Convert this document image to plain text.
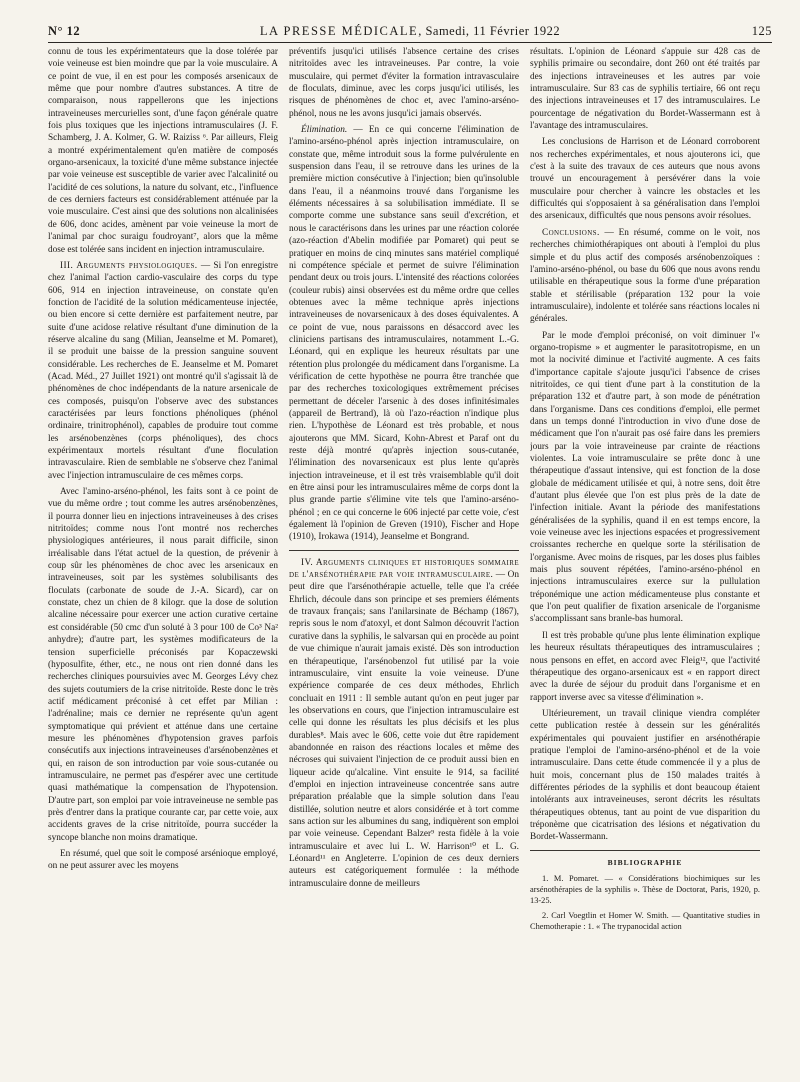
N° 12	LA PRESSE MÉDICALE, Samedi, 11 Février 1922	125

connu de tous les expérimentateurs que la dose tolérée par voie veineuse est bien moindre que par la voie musculaire. A ce point de vue, il en est pour les composés arsenicaux de même que pour nombre d'autres substances. A titre de comparaison, nous rappellerons que les injections intraveineuses mercurielles sont, d'une façon générale quatre fois plus toxiques que les injections intramusculaires (J. F. Schamberg, J. A. Kolmer, G. W. Raiziss ⁶. Par ailleurs, Fleig a montré expérimentalement qu'en matière de composés organo-arsenicaux, la toxicité d'une même substance injectée par voie veineuse est susceptible de varier avec l'alcalinité ou l'acidité de ces solutions, la nature du solvant, etc., l'influence de ces derniers facteurs est considérablement atténuée par la voie musculaire. C'est ainsi que des solutions non alcalinisées de 606, donc acides, amènent par voie veineuse la mort de l'animal par choc suraigu foudroyant⁷, alors que la même dose est tolérée sans incident en injection intramusculaire.

III. Arguments physiologiques. — Si l'on enregistre chez l'animal l'action cardio-vasculaire des corps du type 606, 914 en injection intraveineuse, on constate qu'en fonction de l'acidité de la solution médicamenteuse injectée, ou bien encore si cette dernière est parfaitement neutre, par suite d'une acidose relative résultant d'une diminution de la réserve alcaline du sang (Milian, Jeanselme et M. Pomaret), il se produit une baisse de la pression sanguine souvent considérable. Les recherches de E. Jeanselme et M. Pomaret (Acad. Méd., 27 Juillet 1921) ont montré qu'il s'agissait là de phénomènes de choc indépendants de la nature arsenicale de ces composés, puisqu'on l'observe avec des substances caractérisées par leurs fonctions phénoliques (phénol ordinaire, trinitrophénol), capables de produire tout comme les arsénobenzènes (corps phénoliques), des chocs expérimentaux mortels résultant d'une floculation intravasculaire. Rien de semblable ne s'observe chez l'animal avec l'injection intramusculaire de ces mêmes corps.

Avec l'amino-arséno-phénol, les faits sont à ce point de vue du même ordre ; tout comme les autres arsénobenzènes, il pourra donner lieu en injections intraveineuses à des crises nitritoïdes; comme nous l'ont montré nos recherches physiologiques antérieures, il nous parait difficile, sinon irréalisable dans l'état actuel de la question, de prévenir à coup sûr les phénomènes de choc avec les arsenicaux en intraveineuses, soit par les systèmes solubilisants des floculats (carbonate de soude de J.-A. Sicard), car on constate, chez un chien de 8 kilogr. que la dose de solution alcaline nécessaire pour exercer une action curative certaine est considérable (50 cmc d'un soluté à 3 pour 100 de Co³ Na² anhydre); d'autre part, les systèmes modificateurs de la tension superficielle préconisés par Kopaczewski (hyposulfite, éther, etc., ne nous ont rien donné dans les recherches cliniques poursuivies avec M. Georges Lévy chez des sujets coutumiers de la crise nitritoïde. Reste donc le très actif médicament préconisé à cet effet par Milian : l'adrénaline; mais ce dernier ne représente qu'un agent symptomatique qui prévient et atténue dans une certaine mesure les phénomènes d'hypotension graves parfois consécutifs aux injections intraveineuses d'arsénobenzènes et qui, en raison de son introduction par voie sous-cutanée ou intramusculaire, ne permet pas d'espérer avec une certitude quasi mathématique la compensation de l'hypotension. D'autre part, son emploi par voie intraveineuse ne semble pas près d'entrer dans la pratique courante car, par cette voie, aux accidents graves de la crise nitritoïde, pourra succéder la syncope blanche non moins dramatique.

En résumé, quel que soit le composé arsénioque employé, on ne peut assurer avec les moyens

préventifs jusqu'ici utilisés l'absence certaine des crises nitritoïdes avec les intraveineuses. Par contre, la voie musculaire, qui permet d'éviter la formation intravasculaire de floculats, diminue, avec les corps jusqu'ici utilisés, les risques de phénomènes de choc et, avec l'amino-arséno-phénol, nous ne les avons jusqu'ici jamais observés.

Élimination. — En ce qui concerne l'élimination de l'amino-arséno-phénol après injection intramusculaire, on constate que, même introduit sous la forme pulvérulente en suspension dans l'eau, il se retrouve dans les urines de la première miction consécutive à l'injection; bien qu'insoluble dans l'eau, il a néanmoins trouvé dans l'organisme les éléments nécessaires à sa solubilisation immédiate. Il se comporte comme une substance sans seuil d'excrétion, et nous le caractérisons dans les urines par une réaction colorée (azo-réaction d'Abelin modifiée par Pomaret) qui peut se pratiquer en moins de cinq minutes sans matériel compliqué ni compétence spéciale et permet de suivre l'élimination pendant deux ou trois jours. L'intensité des réactions colorées (couleur rubis) ainsi observées est du même ordre que celles obtenues avec la même technique après injections intraveineuses de novarsenicaux à des doses équivalentes. A ce point de vue, nous paraissons en désaccord avec les cliniciens partisans des intramusculaires, notamment L.-G. Léonard, qui en explique les heureux résultats par une rétention plus prolongée du médicament dans l'organisme. La vérification de cette hypothèse ne pourra être tranchée que par des recherches toxicologiques extrêmement précises permettant de déceler l'arsenic à des doses infinitésimales (appareil de Bertrand), là où l'azo-réaction n'indique plus rien. L'hypothèse de Léonard est très probable, et nous ajouterons que MM. Sicard, Kohn-Abrest et Paraf ont du reste déjà montré qu'après injection sous-cutanée, l'élimination des novarsenicaux est plus lente qu'après injection intraveineuse, et il est très vraisemblable qu'il doit en être ainsi pour les intramusculaires même de corps dont la plus grande partie s'élimine vite tels que l'amino-arséno-phénol ; en ce qui concerne le 606 injecté par cette voie, c'est également là l'opinion de Greven (1910), Fischer and Hope (1910), Irokawa (1914), Jeanselme et Bongrand.

IV. Arguments cliniques et historiques sommaire de l'arsénothérapie par voie intramusculaire. — On peut dire que l'arsénothérapie actuelle, telle que l'a créée Ehrlich, découle dans son principe et ses premiers éléments de travaux français; sans l'anilarsinate de Béchamp (1867), repris sous le nom d'atoxyl, et dont Salmon découvrit l'action curative dans la syphilis, le salvarsan qui en procède au point de vue chimique n'aurait jamais existé. Dès son introduction en thérapeutique, l'arsénobenzol fut utilisé par la voie intramusculaire, vint ensuite la voie veineuse. D'une expérience comparée de ces deux méthodes, Ehrlich concluait en 1911 : Il semble autant qu'on en peut juger par les observations en cours, que l'injection intramusculaire est celle qui donne les résultats les plus décisifs et les plus durables⁸. Mais avec le 606, cette voie dut être rapidement abandonnée en raison des réactions locales et même des nécroses qui suivaient l'injection de ce produit aussi bien en liqueur acide qu'alcaline. Vint ensuite le 914, sa facilité d'emploi en injection intraveineuse concentrée sans autre préparation préalable que la simple solution dans l'eau distillée, solution neutre et alors considérée et à tort comme sans action sur les albumines du sang, indiquèrent son emploi par voie veineuse. Cependant Balzer⁹ resta fidèle à la voie intramusculaire et avec lui L. W. Harrison¹⁰ et L. G. Léonard¹¹ en Angleterre. L'opinion de ces deux derniers auteurs est catégoriquement formulée : la méthode intramusculaire donne de meilleurs

résultats. L'opinion de Léonard s'appuie sur 428 cas de syphilis primaire ou secondaire, dont 260 ont été traités par des injections intraveineuses et les autres par voie intramusculaire. Sur 83 cas de syphilis tertiaire, 66 ont reçu des injections intraveineuses et 17 des intramusculaires. Le pourcentage de négativation du Bordet-Wassermann est à l'avantage des intramusculaires.

Les conclusions de Harrison et de Léonard corroborent nos recherches expérimentales, et nous ajouterons ici, que c'est à la suite des travaux de ces auteurs que nous avons trouvé un encouragement à persévérer dans la voie musculaire pour chercher à vaincre les obstacles et les difficultés qui s'opposaient à sa généralisation dans l'emploi des arsenicaux, difficultés que nous pensons avoir résolues.

Conclusions. — En résumé, comme on le voit, nos recherches chimiothérapiques ont abouti à l'emploi du plus simple et du plus actif des composés arsénobenzoïques : l'amino-arséno-phénol, ou base du 606 que nous avons rendu utilisable en thérapeutique sous la forme d'une préparation stable et stérilisable (préparation 132 pour la voie intramusculaire), indolente et tolérée sans réactions locales ni générales.

Par le mode d'emploi préconisé, on voit diminuer l'« organo-tropisme » et augmenter le parasitotropisme, en un mot la nocivité diminue et l'activité augmente. A ces faits d'importance capitale s'ajoute jusqu'ici l'absence de crises nitritoïdes, ce qui tient d'une part à la constitution de la préparation 132 et d'autre part, à son mode de pénétration dans l'organisme. Dans ces conditions d'emploi, elle permet dans un temps donné l'introduction in vivo d'une dose de médicament que l'on n'aurait pas osé faire dans les premiers jours par la voie intraveineuse par crainte de réactions violentes. La voie intramusculaire se prête donc à une thérapeutique d'assaut intensive, qui est fonction de la dose globale de médicament utilisée et qui, à notre sens, doit être d'autant plus élevée que l'on est plus près de la date de l'infection initiale. Avant la période des manifestations généralisées de la syphilis, quand il en est temps encore, la voie veineuse avec les injections espacées et progressivement croissantes recherche en quelque sorte la stérilisation de l'organisme. Avec moins de risques, par les doses plus faibles mais plus souvent répétées, l'amino-arséno-phénol en injections intramusculaires exerce sur la pullulation tréponémique une action médicamenteuse plus constante et que l'on peut qualifier de fixation arsenicale de l'organisme s'accomplissant sans branle-bas humoral.

Il est très probable qu'une plus lente élimination explique les heureux résultats thérapeutiques des intramusculaires ; nous pensons en effet, en accord avec Fleig¹², que l'activité thérapeutique des organo-arsenicaux est « en rapport direct avec la durée de séjour du produit dans l'organisme et en rapport inverse avec sa vitesse d'élimination ».

Ultérieurement, un travail clinique viendra compléter cette publication restée à dessein sur les généralités expérimentales qui pouvaient justifier en arsénothérapie pratique l'emploi de l'amino-arséno-phénol et de la voie intramusculaire. Dans cette étude commencée il y a plus de huit mois, concernant plus de 150 malades traités à différentes périodes de la syphilis et dont beaucoup étaient intolérants aux intraveineuses, seront décrits les résultats thérapeutiques obtenus, tant au point de vue disparition du tréponème que cicatrisation des lésions et négativation du Bordet-Wassermann.

BIBLIOGRAPHIE

1. M. Pomaret. — « Considérations biochimiques sur les arsénothérapies de la syphilis ». Thèse de Doctorat, Paris, 1920, p. 13-25.

2. Carl Voegtlin et Homer W. Smith. — Quantitative studies in Chemotherapie : 1. « The trypanocidal action
